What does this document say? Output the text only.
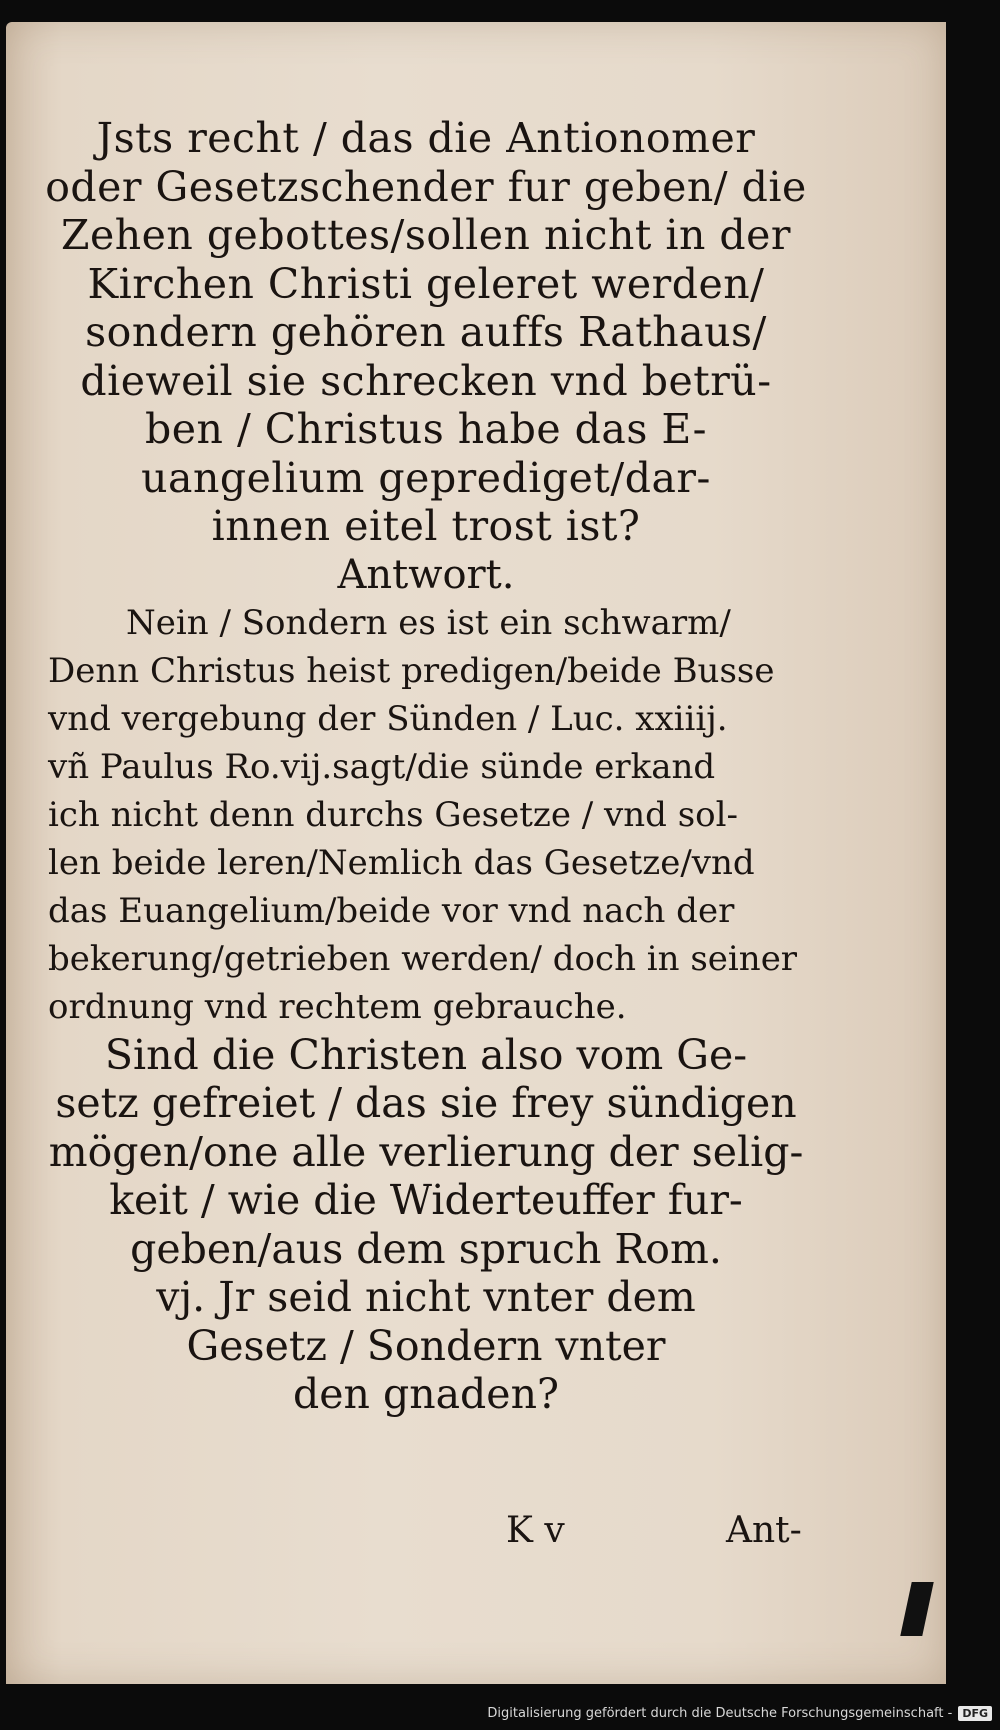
Jsts recht / das die Antionomer
oder Gesetzschender fur geben/ die
Zehen gebottes/sollen nicht in der
Kirchen Christi geleret werden/
sondern gehören auffs Rathaus/
dieweil sie schrecken vnd betrü-
ben / Christus habe das E-
uangelium geprediget/dar-
innen eitel trost ist?
Antwort.
Nein / Sondern es ist ein schwarm/
Denn Christus heist predigen/beide Busse
vnd vergebung der Sünden / Luc. xxiiij.
vñ Paulus Ro.vij.sagt/die sünde erkand
ich nicht denn durchs Gesetze / vnd sol-
len beide leren/Nemlich das Gesetze/vnd
das Euangelium/beide vor vnd nach der
bekerung/getrieben werden/ doch in seiner
ordnung vnd rechtem gebrauche.
Sind die Christen also vom Ge-
setz gefreiet / das sie frey sündigen
mögen/one alle verlierung der selig-
keit / wie die Widerteuffer fur-
geben/aus dem spruch Rom.
vj. Jr seid nicht vnter dem
Gesetz / Sondern vnter
den gnaden?
K v	Ant-
Digitalisierung gefördert durch die Deutsche Forschungsgemeinschaft - DFG
